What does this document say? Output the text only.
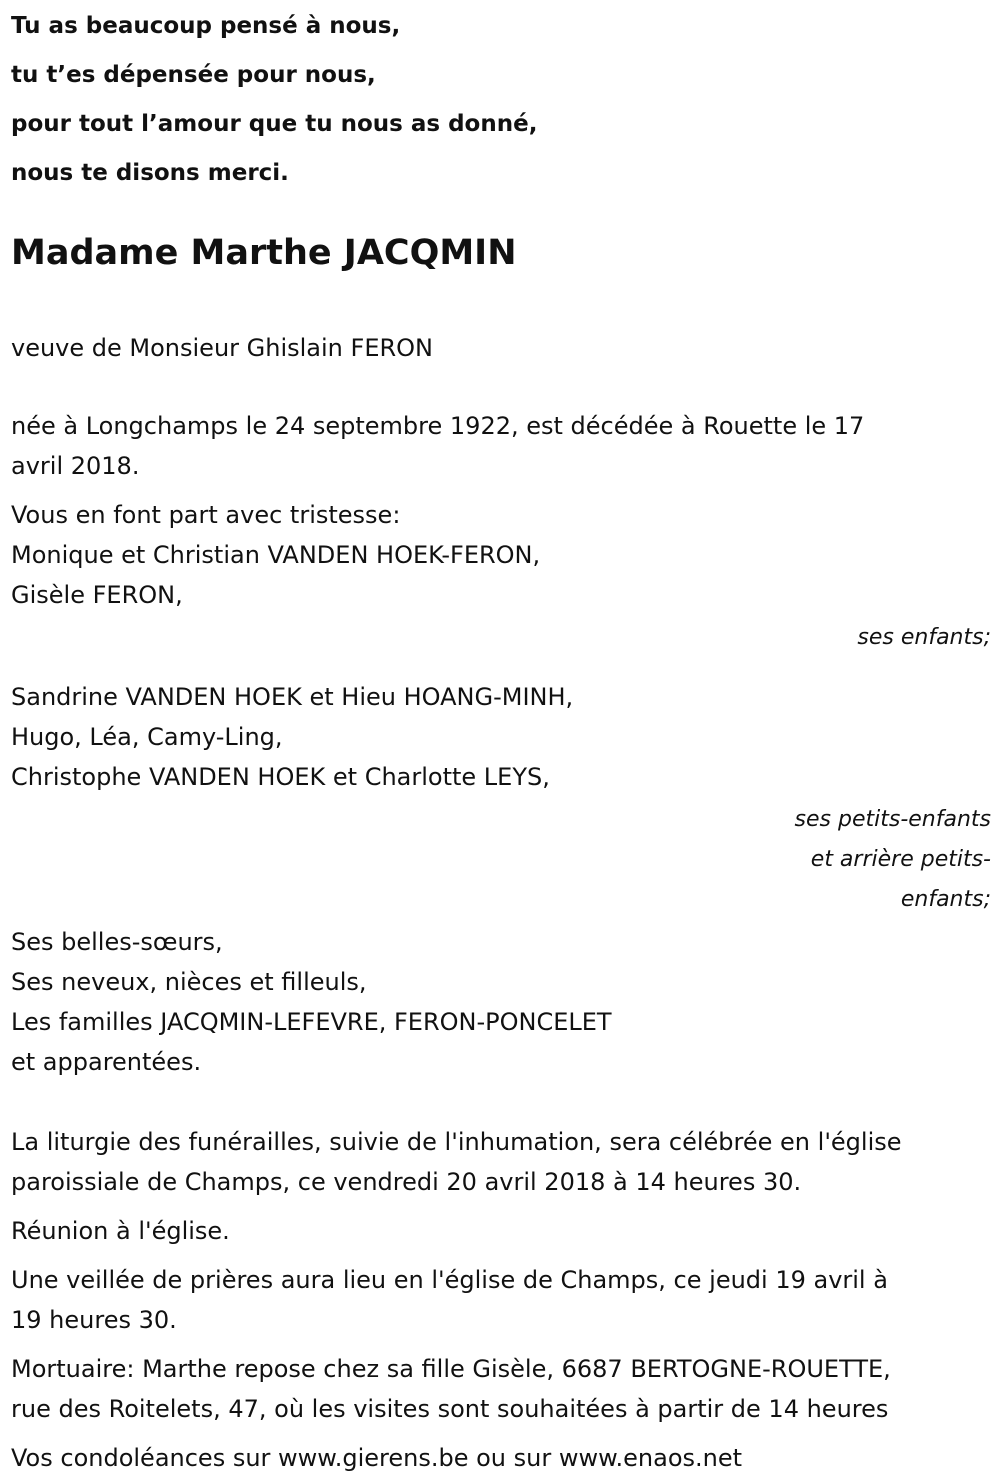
Tu as beaucoup pensé à nous,
tu t’es dépensée pour nous,
pour tout l’amour que tu nous as donné,
nous te disons merci.
Madame Marthe JACQMIN
veuve de Monsieur Ghislain FERON
née à Longchamps le 24 septembre 1922, est décédée à Rouette le 17
avril 2018.
Vous en font part avec tristesse:
Monique et Christian VANDEN HOEK-FERON,
Gisèle FERON,
ses enfants;
Sandrine VANDEN HOEK et Hieu HOANG-MINH,
Hugo, Léa, Camy-Ling,
Christophe VANDEN HOEK et Charlotte LEYS,
ses petits-enfants
et arrière petits-
enfants;
Ses belles-sœurs,
Ses neveux, nièces et filleuls,
Les familles JACQMIN-LEFEVRE, FERON-PONCELET
et apparentées.
La liturgie des funérailles, suivie de l'inhumation, sera célébrée en l'église
paroissiale de Champs, ce vendredi 20 avril 2018 à 14 heures 30.
Réunion à l'église.
Une veillée de prières aura lieu en l'église de Champs, ce jeudi 19 avril à
19 heures 30.
Mortuaire: Marthe repose chez sa fille Gisèle, 6687 BERTOGNE-ROUETTE,
rue des Roitelets, 47, où les visites sont souhaitées à partir de 14 heures
Vos condoléances sur www.gierens.be ou sur www.enaos.net
